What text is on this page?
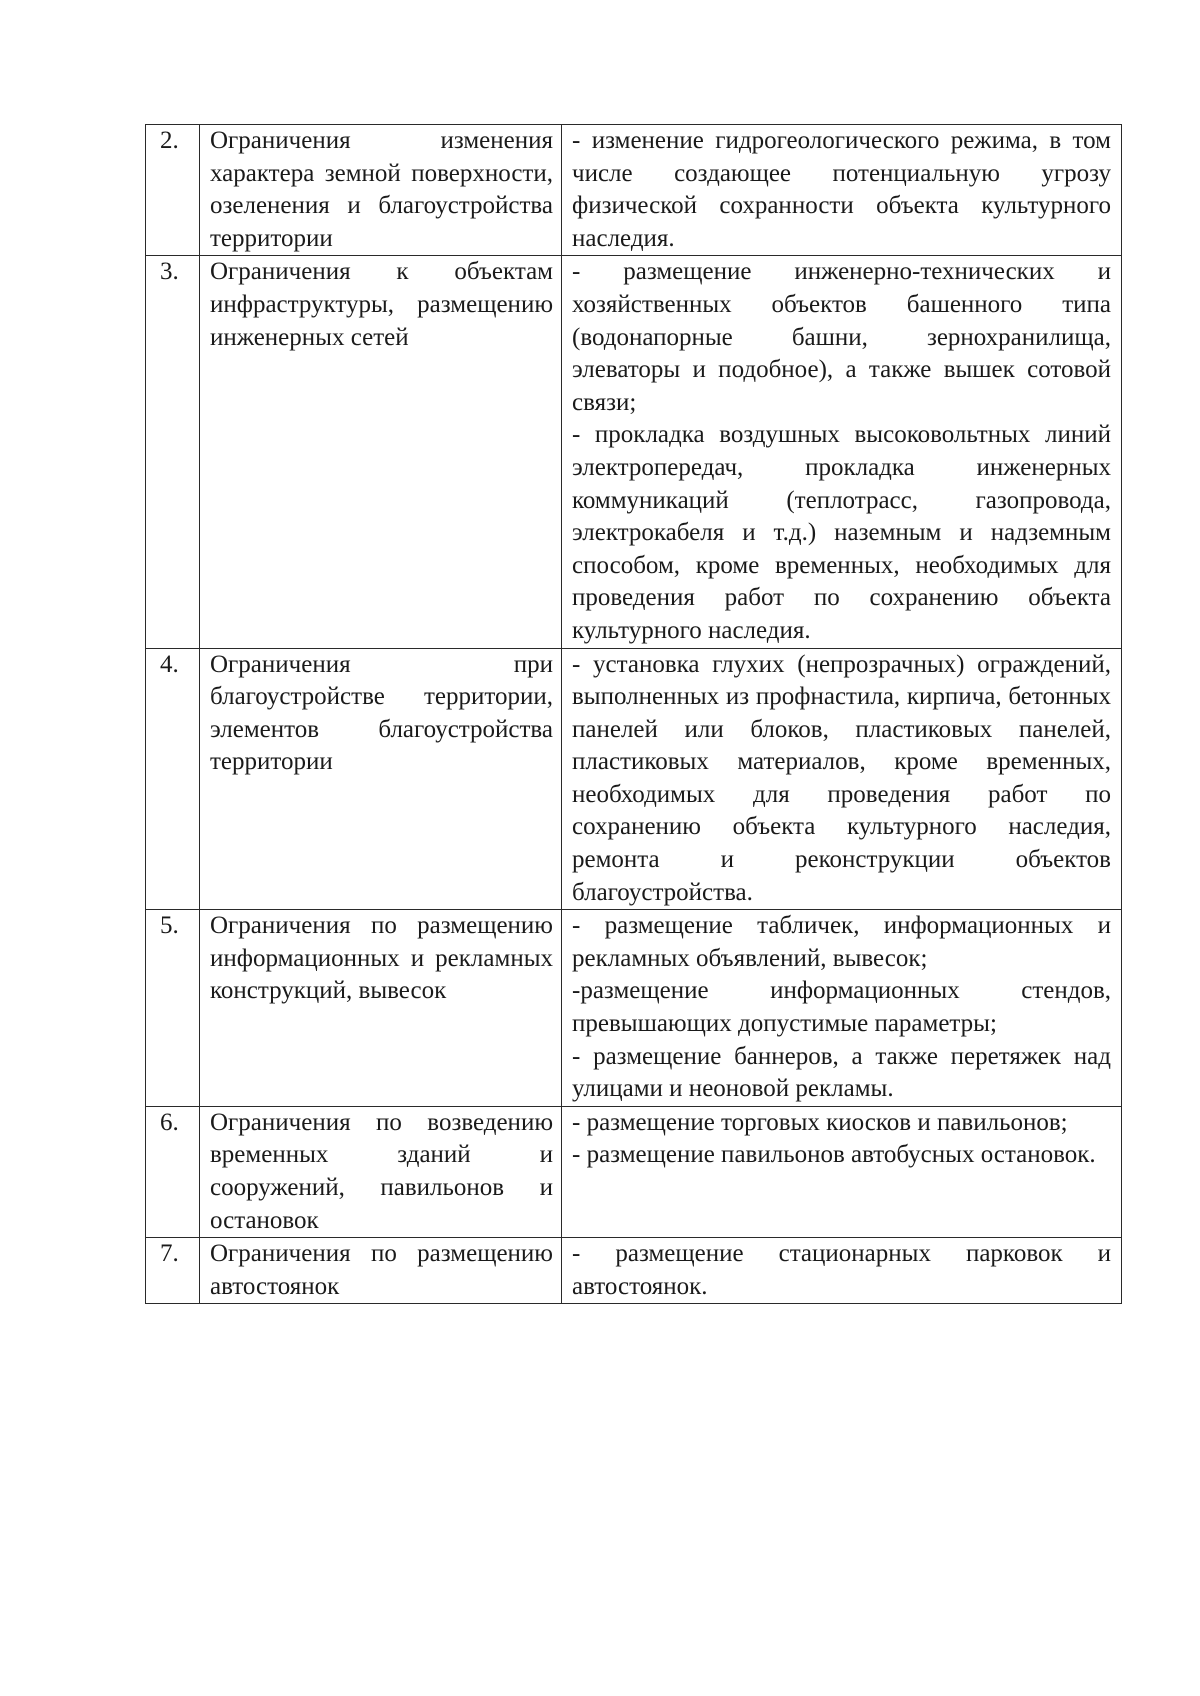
2.	Ограничения изменения характера земной поверхности, озеленения и благоустройства территории	- изменение гидрогеологического режима, в том числе создающее потенциальную угрозу физической сохранности объекта культурного наследия.

3.	Ограничения к объектам инфраструктуры, размещению инженерных сетей	- размещение инженерно-технических и хозяйственных объектов башенного типа (водонапорные башни, зернохранилища, элеваторы и подобное), а также вышек сотовой связи;
- прокладка воздушных высоковольтных линий электропередач, прокладка инженерных коммуникаций (теплотрасс, газопровода, электрокабеля и т.д.) наземным и надземным способом, кроме временных, необходимых для проведения работ по сохранению объекта культурного наследия.

4.	Ограничения при благоустройстве территории, элементов благоустройства территории	- установка глухих (непрозрачных) ограждений, выполненных из профнастила, кирпича, бетонных панелей или блоков, пластиковых панелей, пластиковых материалов, кроме временных, необходимых для проведения работ по сохранению объекта культурного наследия, ремонта и реконструкции объектов благоустройства.

5.	Ограничения по размещению информационных и рекламных конструкций, вывесок	- размещение табличек, информационных и рекламных объявлений, вывесок;
-размещение информационных стендов, превышающих допустимые параметры;
- размещение баннеров, а также перетяжек над улицами и неоновой рекламы.

6.	Ограничения по возведению временных зданий и сооружений, павильонов и остановок	- размещение торговых киосков и павильонов;
- размещение павильонов автобусных остановок.

7.	Ограничения по размещению автостоянок	- размещение стационарных парковок и автостоянок.
